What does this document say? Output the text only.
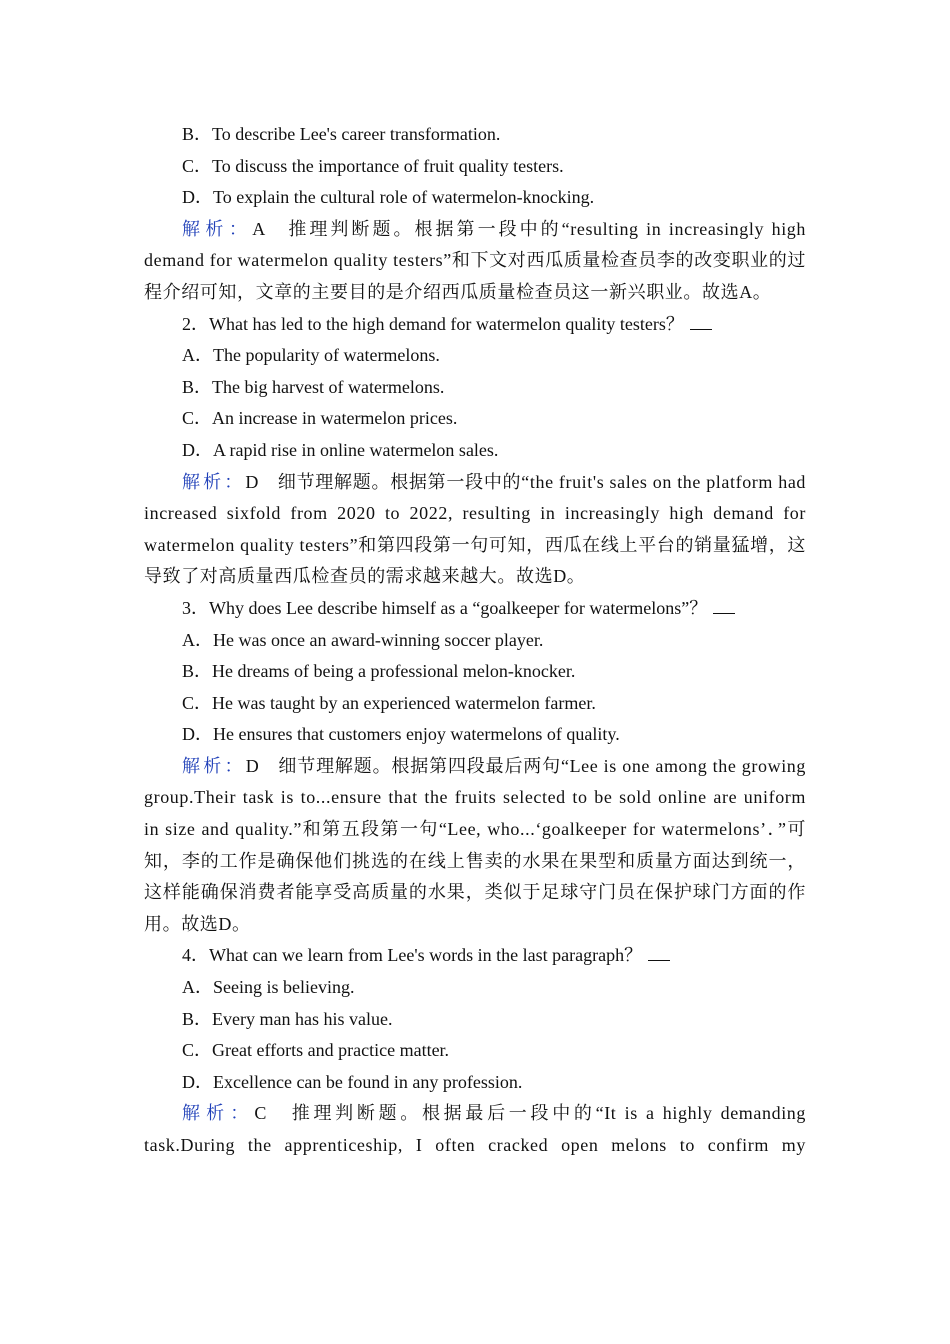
B．To describe Lee's career transformation.
C．To discuss the importance of fruit quality testers.
D．To explain the cultural role of watermelon-knocking.
解析：A　推理判断题。根据第一段中的“resulting in increasingly high demand for watermelon quality testers”和下文对西瓜质量检查员李的改变职业的过程介绍可知，文章的主要目的是介绍西瓜质量检查员这一新兴职业。故选A。
2．What has led to the high demand for watermelon quality testers？
A．The popularity of watermelons.
B．The big harvest of watermelons.
C．An increase in watermelon prices.
D．A rapid rise in online watermelon sales.
解析：D　细节理解题。根据第一段中的“the fruit's sales on the platform had increased sixfold from 2020 to 2022, resulting in increasingly high demand for watermelon quality testers”和第四段第一句可知，西瓜在线上平台的销量猛增，这导致了对高质量西瓜检查员的需求越来越大。故选D。
3．Why does Lee describe himself as a “goalkeeper for watermelons”？
A．He was once an award-winning soccer player.
B．He dreams of being a professional melon-knocker.
C．He was taught by an experienced watermelon farmer.
D．He ensures that customers enjoy watermelons of quality.
解析：D　细节理解题。根据第四段最后两句“Lee is one among the growing group.Their task is to...ensure that the fruits selected to be sold online are uniform in size and quality.”和第五段第一句“Lee, who...‘goalkeeper for watermelons’．”可知，李的工作是确保他们挑选的在线上售卖的水果在果型和质量方面达到统一，这样能确保消费者能享受高质量的水果，类似于足球守门员在保护球门方面的作用。故选D。
4．What can we learn from Lee's words in the last paragraph？
A．Seeing is believing.
B．Every man has his value.
C．Great efforts and practice matter.
D．Excellence can be found in any profession.
解析：C　推理判断题。根据最后一段中的“It is a highly demanding task.During the apprenticeship, I often cracked open melons to confirm my
